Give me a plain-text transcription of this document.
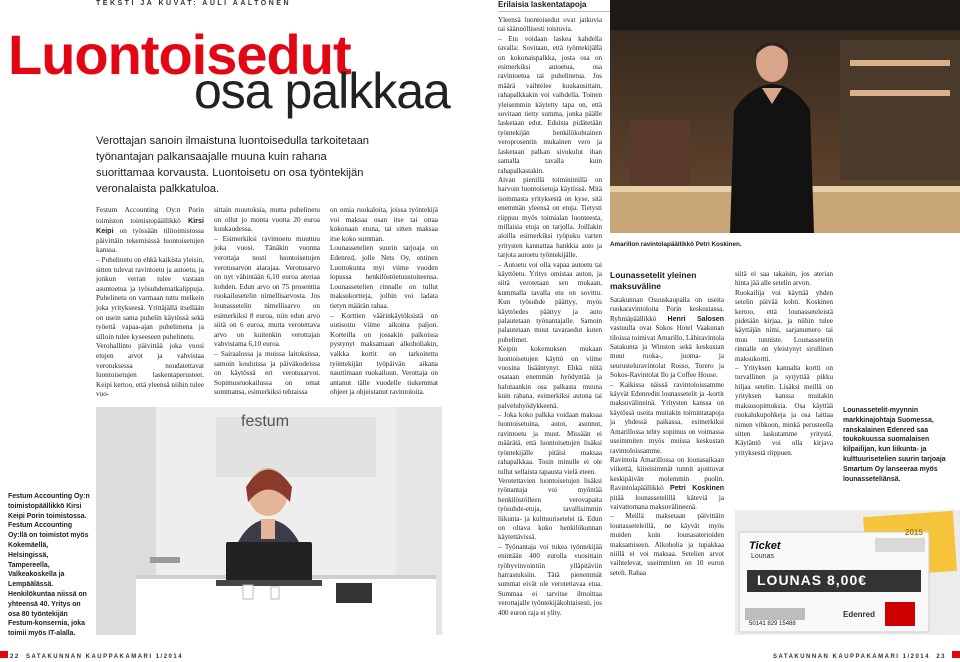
TEKSTI JA KUVAT: AULI AALTONEN
Luontoisedut
osa palkkaa
Verottajan sanoin ilmaistuna luontoisedulla tarkoitetaan työnantajan palkansaajalle muuna kuin rahana suorittamaa korvausta. Luontoisetu on osa työntekijän veronalaista palkkatuloa.
Festum Accounting Oy:n Porin toimiston toimistopäällikkö Kirsi Keipi on työssään tilitoimistossa päivittäin tekemisissä luontoisetujen kanssa.
– Puhelinetu on ehkä kaikista yleisin, sitten tulevat ravintoetu ja autoetu, ja jonkun verran tulee vastaan asuntoetua ja työsuhdematkalippuja. Puhelinetu on varmaan tuttu melkein joka yritykseesä. Yrittäjällä itsellään on usein sama puhelin käytössä sekä työettä vapaa-ajan puhelimena ja silloin tulee kyseeseen puhelinetu.
Verohallinto päivittää joka vuosi etujen arvot ja vahvistaa verotuksessa noudatettavat luontoisetujen laskentaperusteet. Keipi kertoo, että yleensä niihin tulee vuo-
sittain muutoksia, mutta puhelinetu on ollut jo monta vuotta 20 euroa kuukaudessa.
– Esimerkiksi ravintoetu muuttuu joka vuosi. Tänäkin vuonna verottaja nosti luontoisetujen verotusarvon alarajaa. Verotusarvo on nyt vähintään 6,10 euroa ateriaa kohden. Edun arvo on 75 prosenttia ruokailusetelin nimellisarvosta. Jos lounassetelin nimellisarvo on esimerkiksi 8 euroa, niin edun arvo siitä on 6 euroa, mutta verotettava arvo on kuitenkin verottajan vahvistama 6,10 euroa.
– Sairaalossa ja muissa laitoksissa, samoin kouluissa ja päiväkodeissa on käytössä eri verotusarvot. Sopimusruokailussa on omat summansa, esimerkiksi tehtaissa
on omia ruokaloita, joissa työntekijä voi maksaa osan itse tai ottaa kokonaan etuna, tai sitten maksaa itse koko summan.
Lounassetelien suurin tarjoaja on Edenred, jolle Nets Oy, entinen Luottokunta myi viime vuoden lopussa henkilöstöetuustoiteensa. Lounassetelien rinnalle on tullut maksukortteja, joihin voi ladata tietyn määrän rahaa.
– Korttien väärinkäytöksistä on uutisoitu viime aikoina paljon. Korteilla on jossakin paikoissa pystynyt maksamaan alkoholiakin, vaikka kortit on tarkoitettu työntekijän työpäivän aikana nauttimaan ruokailuun. Verottaja on antanut tälle vuodelle tiukemmat ohjeet ja ohjeistanut ravintoloita.
Festum Accounting Oy:n toimistopäällikkö Kirsi Keipi Porin toimistossa. Festum Accounting Oy:llä on toimistot myös Kokemäellä, Helsingissä, Tampereella, Valkeakoskella ja Lempäälässä. Henkilökuntaa niissä on yhteensä 40. Yritys on osa 80 työntekijän Festum-konsernia, joka toimii myös IT-alalla.
festum
22 SATAKUNNAN KAUPPAKAMARI 1/2014
Erilaisia laskentatapoja
Yleensä luontoisedut ovat jatkuvia tai säännöllisesti toistuvia.
– Etu voidaan laskea kahdella tavalla: Sovitaan, että työntekijällä on kokonaispalkka, josta osa on esimerkiksi autoetua, osa ravintoetua tai puhelinetua. Jos määrä vaihtelee kuukausittain, rahapalkkakin voi vaihdella. Toinen yleisemmin käytetty tapa on, että sovitaan tietty summa, jonka päälle lasketaan edut. Eduista pidätetään työntekijän henkilökohtainen veroprosentin mukainen vero ja lasketaan palkan sivukulut ihan samalla tavalla kuin rahapalkastakin.
Aivan pienillä toiminimillä on harvoin luontoisetuja käytössä. Mitä isommasta yrityksestä on kyse, sitä enemmän yleensä on etuja. Tietysti riippuu myös toimialan luonteesta, millaisia etuja on tarjolla. Joillakin aloilla esimerkiksi työpuku varten yritysten kannattaa hankkia auto ja tarjota autoetu työntekijälle.
– Autoetu voi olla vapaa autoetu tai käyttöetu. Yritys omistaa auton, ja siitä verotetaan sen mukaan, kummalla tavalla etu on sovittu. Kun työsuhde päättyy, myös käyttöedes päättyy ja auto palautetaan työnantajalle. Samoin palautetaan muut tavaraedut kuten puhelimet.
Keipin kokemuksen mukaan luontoisetujen käyttö on viime vuosina lisääntynyt. Ehkä niitä osataan enemmän hyödyntää ja halutaankin osa palkasta muuna kuin rahana, esimerkiksi autona tai palveluhyödykkeenä.
– Joka koko palkka voidaan maksaa luontoisetuina, autot, asunnot, ravintoetu ja muut. Missään ei määrätä, että luontoisetujen lisäksi työntekijälle pitäisi maksaa rahapalkkaa. Tosin minulle ei ole tullut sellaista tapausta vielä eteen.
Verotettavien luontoisetujen lisäksi työnantaja voi myöntää henkilöstölleen verovapaita työsuhde-etuja, tavallisimmin liikunta- ja kulttuurisetelei tä. Edun on oltava koko henkilökunnan käytettävissä.
– Työnantaja voi tukea työntekijää enintään 400 eurolla vuosittain työhyvinvointiin ylläpitäviin harrastuksiin. Tätä pienemmät summat eivät ole verotettavaa etua. Summaa ei tarvitse ilmoittaa verottajalle työntekijäkohtaisesti, jos 400 euron raja ei ylity.
Amarillon ravintolapäällikkö Petri Koskinen.
Lounassetelit yleinen maksuväline
Satakunnan Osuuskaupalla on useita ruokaravintoloita Porin keskustassa. Ryhmäpäällikkö Henri Salosen vastuulla ovat Sokos Hotel Vaakunan tiloissa toimivat Amarillo, Lähiravintola Satakunta ja Winston sekä keskustan muut ruoka-, juoma- ja seurusteluravintolat Rosso, Torero ja Sokos-Ravintolat Ilo ja Coffee House.
– Kaikissa näissä ravintoloissamme käyvät Edenredin lounassetelit ja -kortit maksuvälineinä. Yritysten kanssa on käytössä useita muitakin toimintatapoja ja yhdessä paikassa, esimerkiksi Amarillossa tehty sopimus on voimassa useimmiten myös muissa keskustan ravintoloissamme.
Ravintola Amarillossa on lounasaikaan viikettä, kiireisimmät tunnit ajoittuvat keskipäivän molemmin puolin. Ravintolapäällikkö Petri Koskinen pitää lounassetelillä käteviä ja vaivattomana maksuvälineenä.
– Meillä maksetaan päivittäin lounasseteleillä, ne käyvät myös muiden kuin lounasaterioiden maksamiseen. Alkoholia ja tupakkaa niillä ei voi maksaa. Setelien arvot vaihtelevat, useimmiten on 10 euron seteli. Rahaa
siitä ei saa takaisin, jos aterian hinta jää alle setelin arvon.
Ruokailija voi käyttää yhden setelin päivää kohti. Koskinen kertoo, että lounasseteleistä pidetään kirjaa, ja niihin tulee käyttäjän nimi, sarjanumero tai muu tunniste. Lounassetelin rinnalle on yleistynyt sirullinen maksukortti.
– Yrityksen kannalta kortti on turvallinen ja syrjyttää pikku hiljaa setelin. Lisäksi meillä on yrityksen kanssa muitakin maksusopimuksia. Osa käyttää ruokalukupohkeja ja osa laittaa nimen vihkoon, minkä perusteella sitten laskutamme yritystä. Käytäntö voi olla kirjava yrityksestä riippuen.
Lounassetelit-myynnin markkinajohtaja Suomessa, ranskalainen Edenred saa toukokuussa suomalaisen kilpailijan, kun liikunta- ja kulttuurisetelien suurin tarjoaja Smartum Oy lanseeraa myös lounasseteliänsä.
Ticket
Lounas
LOUNAS 8,00€
Edenred
50141 829 15488
2015
SATAKUNNAN KAUPPAKAMARI 1/2014 23
